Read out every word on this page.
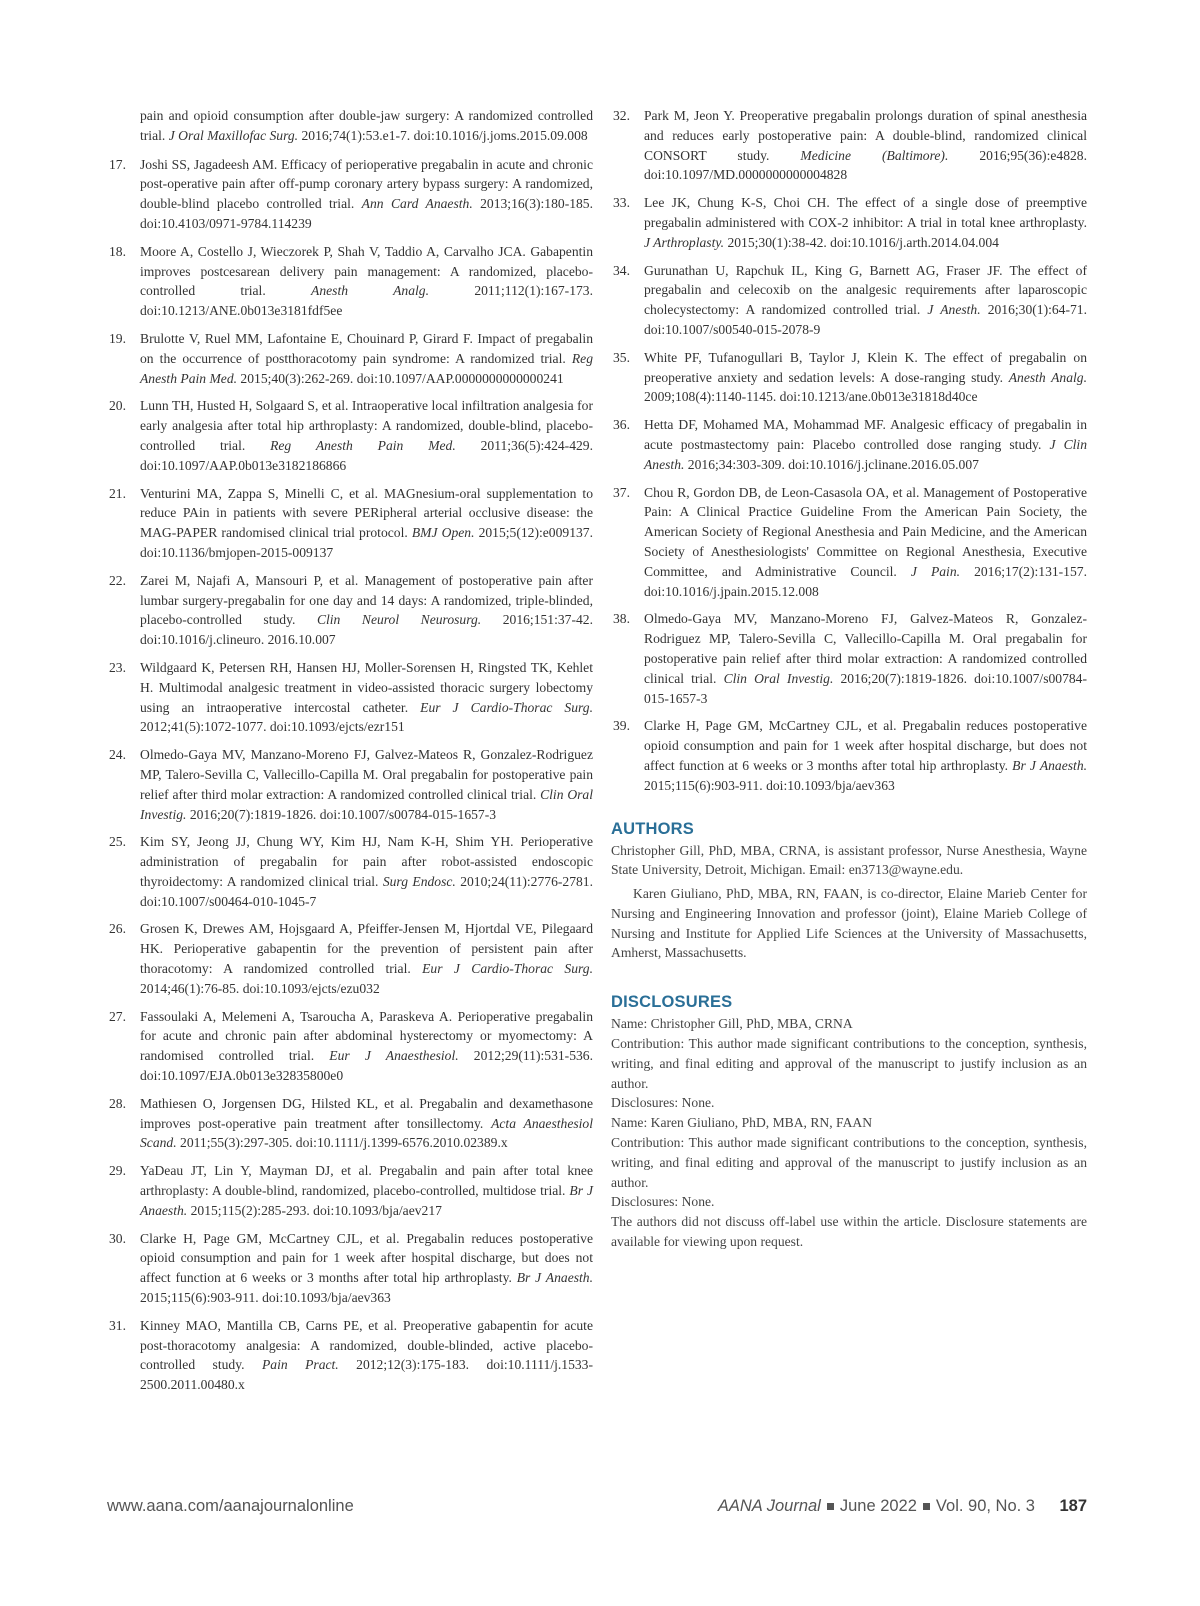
pain and opioid consumption after double-jaw surgery: A randomized controlled trial. J Oral Maxillofac Surg. 2016;74(1):53.e1-7. doi:10.1016/j.joms.2015.09.008

17. Joshi SS, Jagadeesh AM. Efficacy of perioperative pregabalin in acute and chronic post-operative pain after off-pump coronary artery bypass surgery: A randomized, double-blind placebo controlled trial. Ann Card Anaesth. 2013;16(3):180-185. doi:10.4103/0971-9784.114239

18. Moore A, Costello J, Wieczorek P, Shah V, Taddio A, Carvalho JCA. Gabapentin improves postcesarean delivery pain management: A randomized, placebo-controlled trial. Anesth Analg. 2011;112(1):167-173. doi:10.1213/ANE.0b013e3181fdf5ee

19. Brulotte V, Ruel MM, Lafontaine E, Chouinard P, Girard F. Impact of pregabalin on the occurrence of postthoracotomy pain syndrome: A randomized trial. Reg Anesth Pain Med. 2015;40(3):262-269. doi:10.1097/AAP.0000000000000241

20. Lunn TH, Husted H, Solgaard S, et al. Intraoperative local infiltration analgesia for early analgesia after total hip arthroplasty: A randomized, double-blind, placebo-controlled trial. Reg Anesth Pain Med. 2011;36(5):424-429. doi:10.1097/AAP.0b013e3182186866

21. Venturini MA, Zappa S, Minelli C, et al. MAGnesium-oral supplementation to reduce PAin in patients with severe PERipheral arterial occlusive disease: the MAG-PAPER randomised clinical trial protocol. BMJ Open. 2015;5(12):e009137. doi:10.1136/bmjopen-2015-009137

22. Zarei M, Najafi A, Mansouri P, et al. Management of postoperative pain after lumbar surgery-pregabalin for one day and 14 days: A randomized, triple-blinded, placebo-controlled study. Clin Neurol Neurosurg. 2016;151:37-42. doi:10.1016/j.clineuro. 2016.10.007

23. Wildgaard K, Petersen RH, Hansen HJ, Moller-Sorensen H, Ringsted TK, Kehlet H. Multimodal analgesic treatment in video-assisted thoracic surgery lobectomy using an intraoperative intercostal catheter. Eur J Cardio-Thorac Surg. 2012;41(5):1072-1077. doi:10.1093/ejcts/ezr151

24. Olmedo-Gaya MV, Manzano-Moreno FJ, Galvez-Mateos R, Gonzalez-Rodriguez MP, Talero-Sevilla C, Vallecillo-Capilla M. Oral pregabalin for postoperative pain relief after third molar extraction: A randomized controlled clinical trial. Clin Oral Investig. 2016;20(7):1819-1826. doi:10.1007/s00784-015-1657-3

25. Kim SY, Jeong JJ, Chung WY, Kim HJ, Nam K-H, Shim YH. Perioperative administration of pregabalin for pain after robot-assisted endoscopic thyroidectomy: A randomized clinical trial. Surg Endosc. 2010;24(11):2776-2781. doi:10.1007/s00464-010-1045-7

26. Grosen K, Drewes AM, Hojsgaard A, Pfeiffer-Jensen M, Hjortdal VE, Pilegaard HK. Perioperative gabapentin for the prevention of persistent pain after thoracotomy: A randomized controlled trial. Eur J Cardio-Thorac Surg. 2014;46(1):76-85. doi:10.1093/ejcts/ezu032

27. Fassoulaki A, Melemeni A, Tsaroucha A, Paraskeva A. Perioperative pregabalin for acute and chronic pain after abdominal hysterectomy or myomectomy: A randomised controlled trial. Eur J Anaesthesiol. 2012;29(11):531-536. doi:10.1097/EJA.0b013e32835800e0

28. Mathiesen O, Jorgensen DG, Hilsted KL, et al. Pregabalin and dexamethasone improves post-operative pain treatment after tonsillectomy. Acta Anaesthesiol Scand. 2011;55(3):297-305. doi:10.1111/j.1399-6576.2010.02389.x

29. YaDeau JT, Lin Y, Mayman DJ, et al. Pregabalin and pain after total knee arthroplasty: A double-blind, randomized, placebo-controlled, multidose trial. Br J Anaesth. 2015;115(2):285-293. doi:10.1093/bja/aev217

30. Clarke H, Page GM, McCartney CJL, et al. Pregabalin reduces postoperative opioid consumption and pain for 1 week after hospital discharge, but does not affect function at 6 weeks or 3 months after total hip arthroplasty. Br J Anaesth. 2015;115(6):903-911. doi:10.1093/bja/aev363

31. Kinney MAO, Mantilla CB, Carns PE, et al. Preoperative gabapentin for acute post-thoracotomy analgesia: A randomized, double-blinded, active placebo-controlled study. Pain Pract. 2012;12(3):175-183. doi:10.1111/j.1533-2500.2011.00480.x

32. Park M, Jeon Y. Preoperative pregabalin prolongs duration of spinal anesthesia and reduces early postoperative pain: A double-blind, randomized clinical CONSORT study. Medicine (Baltimore). 2016;95(36):e4828. doi:10.1097/MD.0000000000004828

33. Lee JK, Chung K-S, Choi CH. The effect of a single dose of preemptive pregabalin administered with COX-2 inhibitor: A trial in total knee arthroplasty. J Arthroplasty. 2015;30(1):38-42. doi:10.1016/j.arth.2014.04.004

34. Gurunathan U, Rapchuk IL, King G, Barnett AG, Fraser JF. The effect of pregabalin and celecoxib on the analgesic requirements after laparoscopic cholecystectomy: A randomized controlled trial. J Anesth. 2016;30(1):64-71. doi:10.1007/s00540-015-2078-9

35. White PF, Tufanogullari B, Taylor J, Klein K. The effect of pregabalin on preoperative anxiety and sedation levels: A dose-ranging study. Anesth Analg. 2009;108(4):1140-1145. doi:10.1213/ane.0b013e31818d40ce

36. Hetta DF, Mohamed MA, Mohammad MF. Analgesic efficacy of pregabalin in acute postmastectomy pain: Placebo controlled dose ranging study. J Clin Anesth. 2016;34:303-309. doi:10.1016/j.jclinane.2016.05.007

37. Chou R, Gordon DB, de Leon-Casasola OA, et al. Management of Postoperative Pain: A Clinical Practice Guideline From the American Pain Society, the American Society of Regional Anesthesia and Pain Medicine, and the American Society of Anesthesiologists' Committee on Regional Anesthesia, Executive Committee, and Administrative Council. J Pain. 2016;17(2):131-157. doi:10.1016/j.jpain.2015.12.008

38. Olmedo-Gaya MV, Manzano-Moreno FJ, Galvez-Mateos R, Gonzalez-Rodriguez MP, Talero-Sevilla C, Vallecillo-Capilla M. Oral pregabalin for postoperative pain relief after third molar extraction: A randomized controlled clinical trial. Clin Oral Investig. 2016;20(7):1819-1826. doi:10.1007/s00784-015-1657-3

39. Clarke H, Page GM, McCartney CJL, et al. Pregabalin reduces postoperative opioid consumption and pain for 1 week after hospital discharge, but does not affect function at 6 weeks or 3 months after total hip arthroplasty. Br J Anaesth. 2015;115(6):903-911. doi:10.1093/bja/aev363

AUTHORS

Christopher Gill, PhD, MBA, CRNA, is assistant professor, Nurse Anesthesia, Wayne State University, Detroit, Michigan. Email: en3713@wayne.edu.

Karen Giuliano, PhD, MBA, RN, FAAN, is co-director, Elaine Marieb Center for Nursing and Engineering Innovation and professor (joint), Elaine Marieb College of Nursing and Institute for Applied Life Sciences at the University of Massachusetts, Amherst, Massachusetts.

DISCLOSURES

Name: Christopher Gill, PhD, MBA, CRNA

Contribution: This author made significant contributions to the conception, synthesis, writing, and final editing and approval of the manuscript to justify inclusion as an author.

Disclosures: None.

Name: Karen Giuliano, PhD, MBA, RN, FAAN

Contribution: This author made significant contributions to the conception, synthesis, writing, and final editing and approval of the manuscript to justify inclusion as an author.

Disclosures: None.

The authors did not discuss off-label use within the article. Disclosure statements are available for viewing upon request.

www.aana.com/aanajournalonline	AANA Journal June 2022 Vol. 90, No. 3 187
